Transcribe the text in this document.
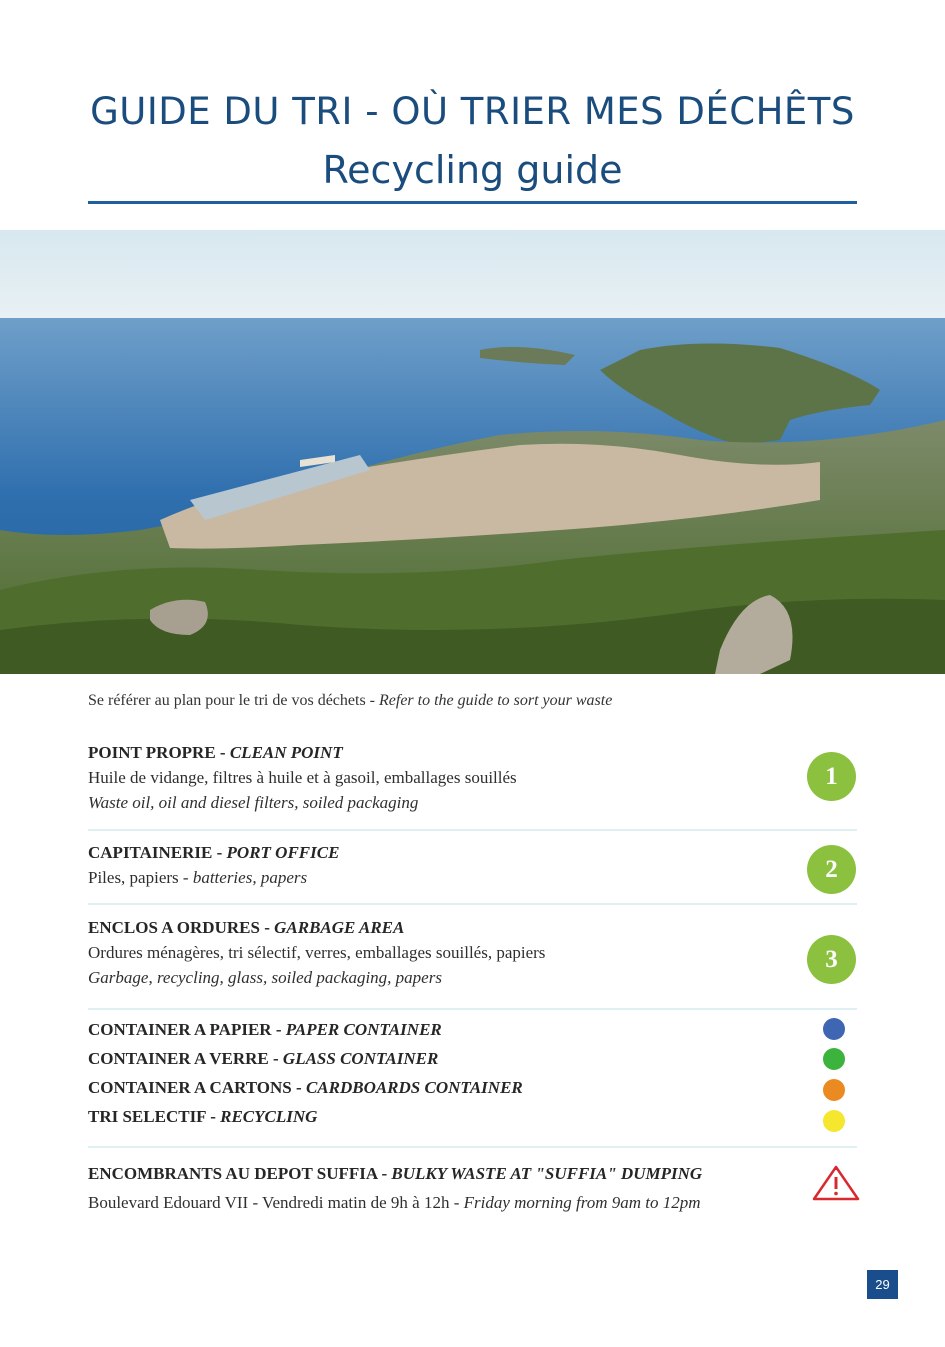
GUIDE DU TRI - OÙ TRIER MES DÉCHÊTS
Recycling guide
Se référer au plan pour le tri de vos déchets - Refer to the guide to sort your waste
POINT PROPRE - CLEAN POINT
Huile de vidange, filtres à huile et à gasoil, emballages souillés
Waste oil, oil and diesel filters, soiled packaging
1
CAPITAINERIE - PORT OFFICE
Piles, papiers - batteries, papers	2
ENCLOS A ORDURES - GARBAGE AREA
Ordures ménagères, tri sélectif, verres, emballages souillés, papiers
Garbage, recycling, glass, soiled packaging, papers
3
CONTAINER A PAPIER - PAPER CONTAINER
CONTAINER A VERRE - GLASS CONTAINER
CONTAINER A CARTONS - CARDBOARDS CONTAINER
TRI SELECTIF - RECYCLING
ENCOMBRANTS AU DEPOT SUFFIA - BULKY WASTE AT "SUFFIA" DUMPING
Boulevard Edouard VII - Vendredi matin de 9h à 12h - Friday morning from 9am to 12pm
29
